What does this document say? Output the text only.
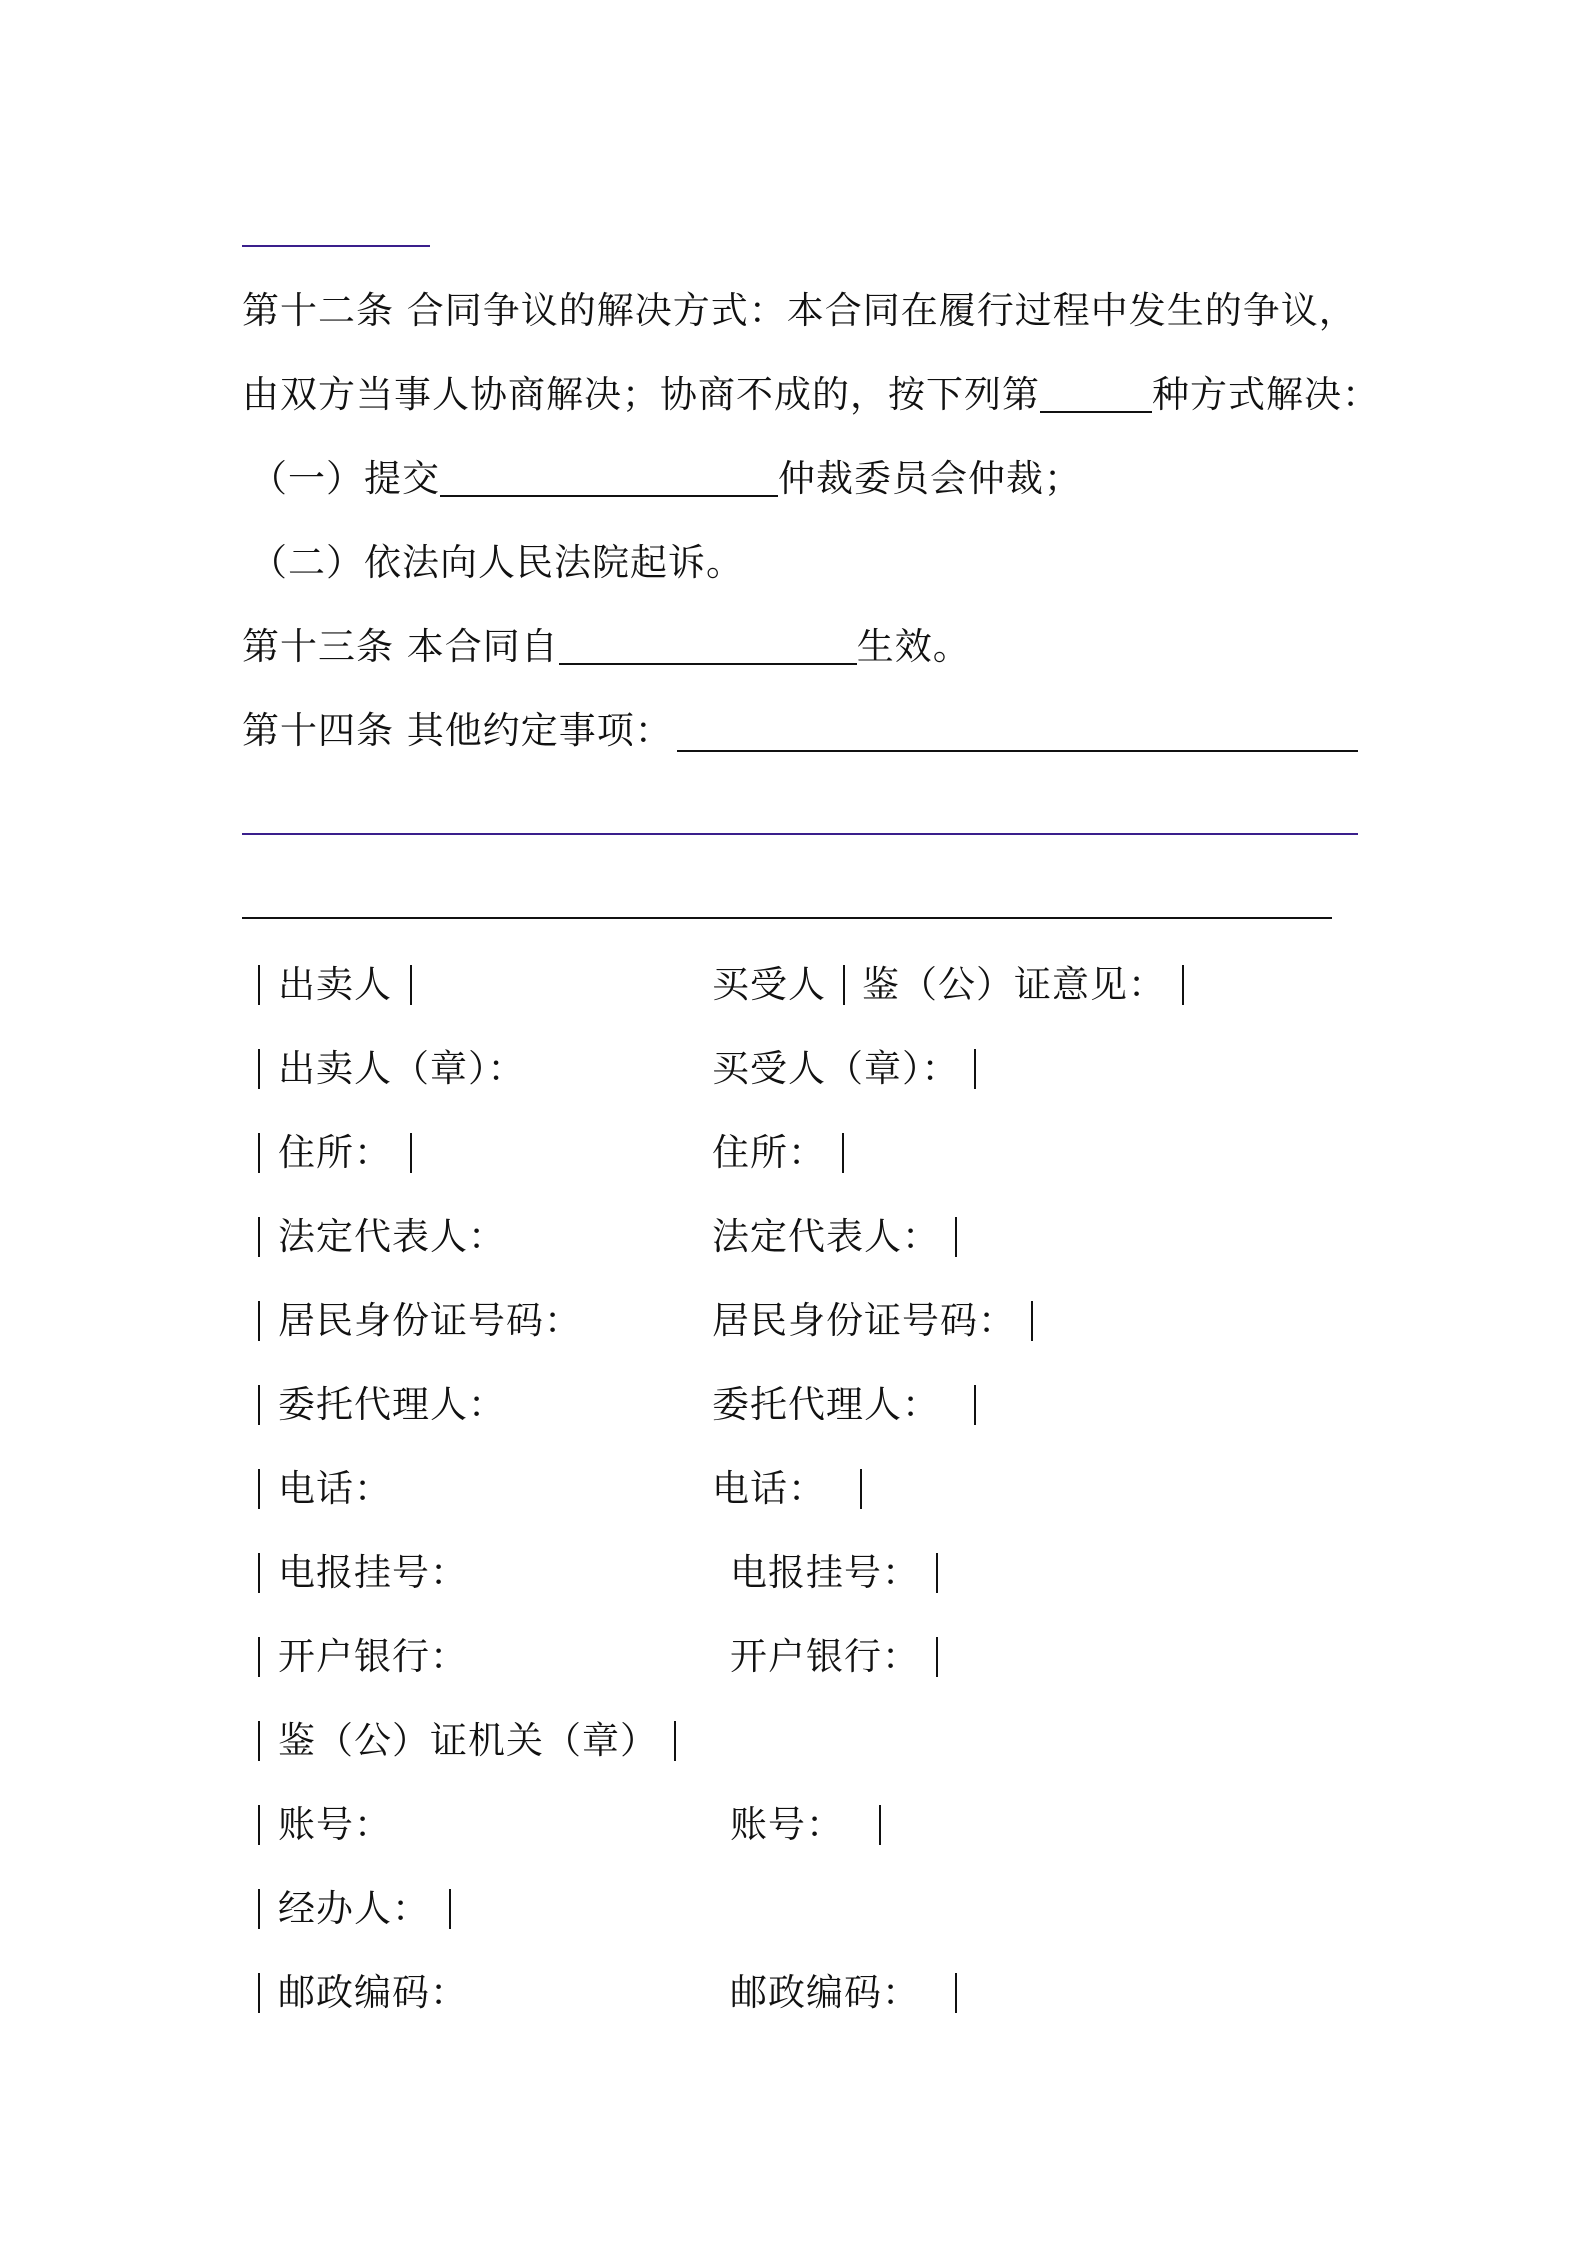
第十二条 合同争议的解决方式：本合同在履行过程中发生的争议，
由双方当事人协商解决；协商不成的，按下列第	种方式解决：
（一）提交	仲裁委员会仲裁；
（二）依法向人民法院起诉。
第十三条 本合同自	生效。
第十四条 其他约定事项：
出卖人	买受人 鉴（公）证意见：
出卖人（章）：	买受人（章）：
住所：	住所：
法定代表人：	法定代表人：
居民身份证号码：	居民身份证号码：
委托代理人：	委托代理人：
电话：	电话：
电报挂号：	电报挂号：
开户银行：	开户银行：
鉴（公）证机关（章）
账号：	账号：
经办人：
邮政编码：	邮政编码：
